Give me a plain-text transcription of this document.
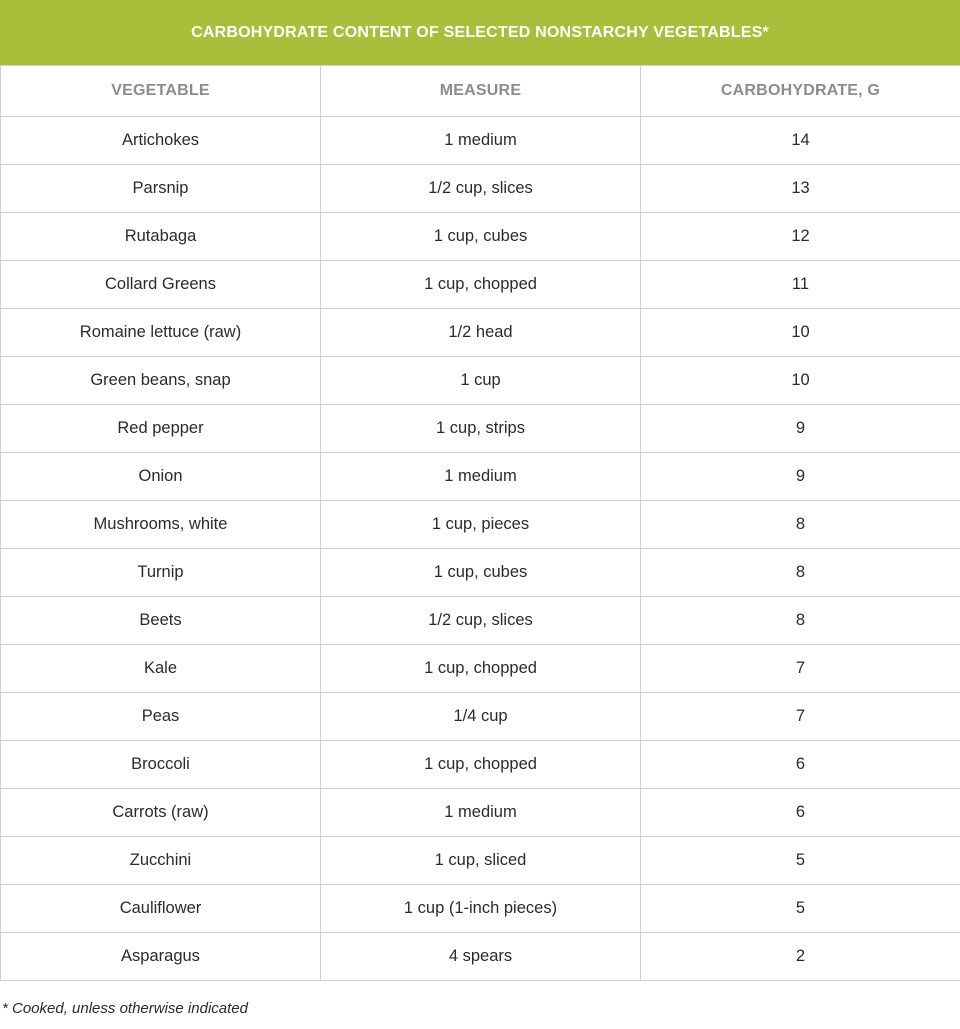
CARBOHYDRATE CONTENT OF SELECTED NONSTARCHY VEGETABLES*
VEGETABLE	MEASURE	CARBOHYDRATE, G
Artichokes	1 medium	14
Parsnip	1/2 cup, slices	13
Rutabaga	1 cup, cubes	12
Collard Greens	1 cup, chopped	11
Romaine lettuce (raw)	1/2 head	10
Green beans, snap	1 cup	10
Red pepper	1 cup, strips	9
Onion	1 medium	9
Mushrooms, white	1 cup, pieces	8
Turnip	1 cup, cubes	8
Beets	1/2 cup, slices	8
Kale	1 cup, chopped	7
Peas	1/4 cup	7
Broccoli	1 cup, chopped	6
Carrots (raw)	1 medium	6
Zucchini	1 cup, sliced	5
Cauliflower	1 cup (1-inch pieces)	5
Asparagus	4 spears	2
* Cooked, unless otherwise indicated
